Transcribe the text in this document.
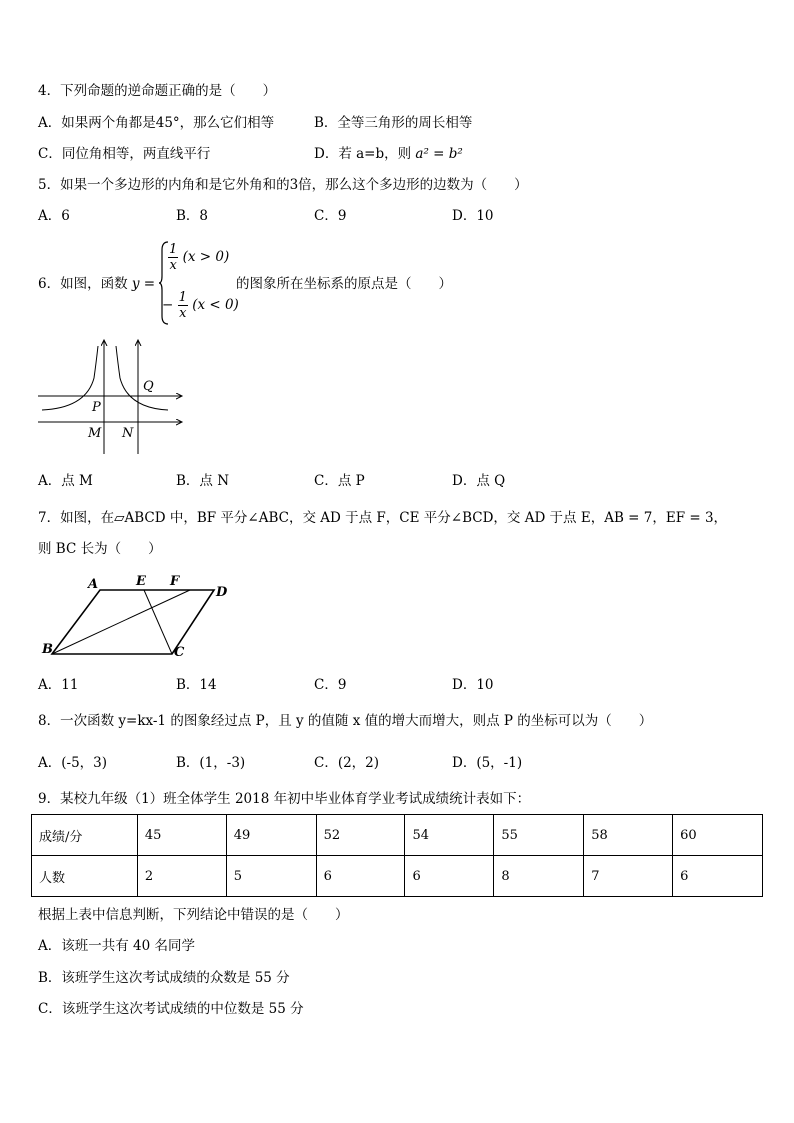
4．下列命题的逆命题正确的是（　　）
A．如果两个角都是45°，那么它们相等	B．全等三角形的周长相等
C．同位角相等，两直线平行	D．若 a=b，则 a² = b²
5．如果一个多边形的内角和是它外角和的3倍，那么这个多边形的边数为（　　）
A．6	B．8	C．9	D．10
6．如图，函数 y =
$\frac{1}{x} (x > 0)$
− $\frac{1}{x} (x < 0)$
的图象所在坐标系的原点是（　　）
Q
P
M N
A．点 M	B．点 N	C．点 P	D．点 Q
7．如图，在▱ABCD 中，BF 平分∠ABC，交 AD 于点 F，CE 平分∠BCD，交 AD 于点 E，AB = 7，EF = 3，
则 BC 长为（　　）
A	E F
D
B	C
A．11	B．14	C．9	D．10
8．一次函数 y=kx-1 的图象经过点 P，且 y 的值随 x 值的增大而增大，则点 P 的坐标可以为（　　）
A．(-5，3)	B．(1，-3)	C．(2，2)	D．(5，-1)
9．某校九年级（1）班全体学生 2018 年初中毕业体育学业考试成绩统计表如下：
成绩/分	45	49	52	54	55	58	60
人数	2	5	6	6	8	7	6
根据上表中信息判断，下列结论中错误的是（　　）
A．该班一共有 40 名同学
B．该班学生这次考试成绩的众数是 55 分
C．该班学生这次考试成绩的中位数是 55 分
